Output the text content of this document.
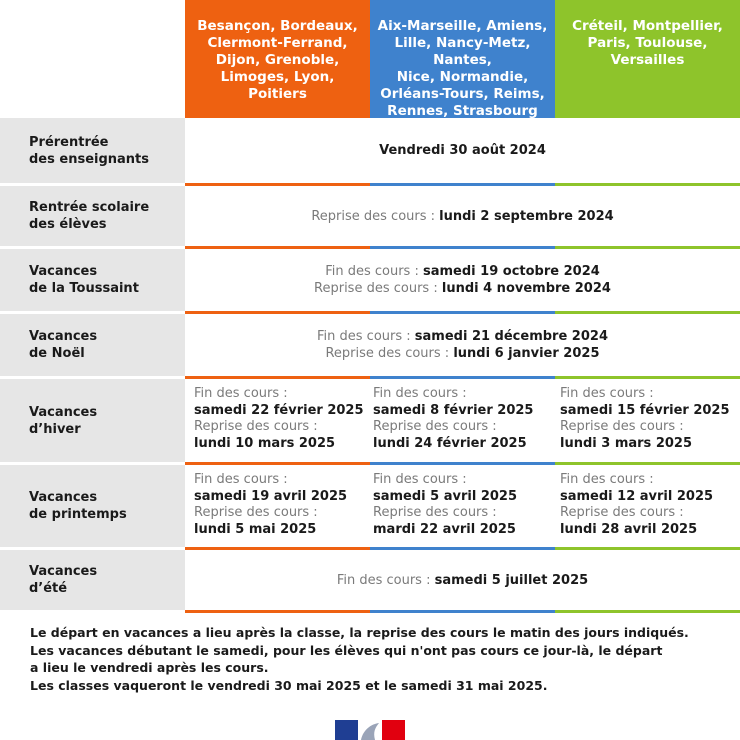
Besançon, Bordeaux,
Clermont-Ferrand,
Dijon, Grenoble,
Limoges, Lyon, Poitiers
Aix-Marseille, Amiens,
Lille, Nancy-Metz, Nantes,
Nice, Normandie,
Orléans-Tours, Reims,
Rennes, Strasbourg
Créteil, Montpellier,
Paris, Toulouse,
Versailles
Prérentrée
des enseignants
Vendredi 30 août 2024
Rentrée scolaire
des élèves
Reprise des cours : lundi 2 septembre 2024
Vacances
de la Toussaint
Fin des cours : samedi 19 octobre 2024
Reprise des cours : lundi 4 novembre 2024
Vacances
de Noël
Fin des cours : samedi 21 décembre 2024
Reprise des cours : lundi 6 janvier 2025
Vacances
d’hiver
Fin des cours :
samedi 22 février 2025
Reprise des cours :
lundi 10 mars 2025
Fin des cours :
samedi 8 février 2025
Reprise des cours :
lundi 24 février 2025
Fin des cours :
samedi 15 février 2025
Reprise des cours :
lundi 3 mars 2025
Vacances
de printemps
Fin des cours :
samedi 19 avril 2025
Reprise des cours :
lundi 5 mai 2025
Fin des cours :
samedi 5 avril 2025
Reprise des cours :
mardi 22 avril 2025
Fin des cours :
samedi 12 avril 2025
Reprise des cours :
lundi 28 avril 2025
Vacances
d’été
Fin des cours : samedi 5 juillet 2025
Le départ en vacances a lieu après la classe, la reprise des cours le matin des jours indiqués.
Les vacances débutant le samedi, pour les élèves qui n'ont pas cours ce jour-là, le départ
a lieu le vendredi après les cours.
Les classes vaqueront le vendredi 30 mai 2025 et le samedi 31 mai 2025.
